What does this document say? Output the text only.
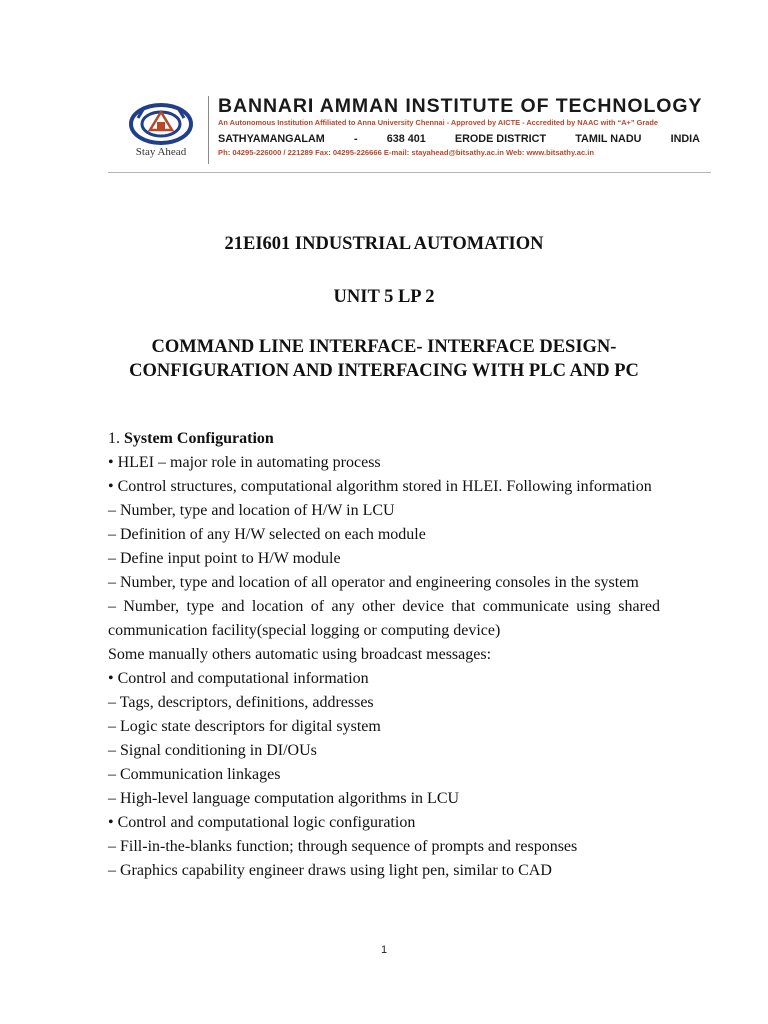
Stay Ahead
BANNARI AMMAN INSTITUTE OF TECHNOLOGY
An Autonomous Institution Affiliated to Anna University Chennai - Approved by AICTE - Accredited by NAAC with “A+” Grade
SATHYAMANGALAM	-	638 401	ERODE DISTRICT	TAMIL NADU	INDIA
Ph: 04295-226000 / 221289 Fax: 04295-226666 E-mail: stayahead@bitsathy.ac.in Web: www.bitsathy.ac.in
21EI601 INDUSTRIAL AUTOMATION
UNIT 5 LP 2
COMMAND LINE INTERFACE- INTERFACE DESIGN- CONFIGURATION AND INTERFACING WITH PLC AND PC

1. System Configuration

• HLEI – major role in automating process

• Control structures, computational algorithm stored in HLEI. Following information

– Number, type and location of H/W in LCU

– Definition of any H/W selected on each module

– Define input point to H/W module

– Number, type and location of all operator and engineering consoles in the system

– Number, type and location of any other device that communicate using shared communication facility(special logging or computing device)

Some manually others automatic using broadcast messages:

• Control and computational information

– Tags, descriptors, definitions, addresses

– Logic state descriptors for digital system

– Signal conditioning in DI/OUs

– Communication linkages

– High-level language computation algorithms in LCU

• Control and computational logic configuration

– Fill-in-the-blanks function; through sequence of prompts and responses

– Graphics capability engineer draws using light pen, similar to CAD

1
